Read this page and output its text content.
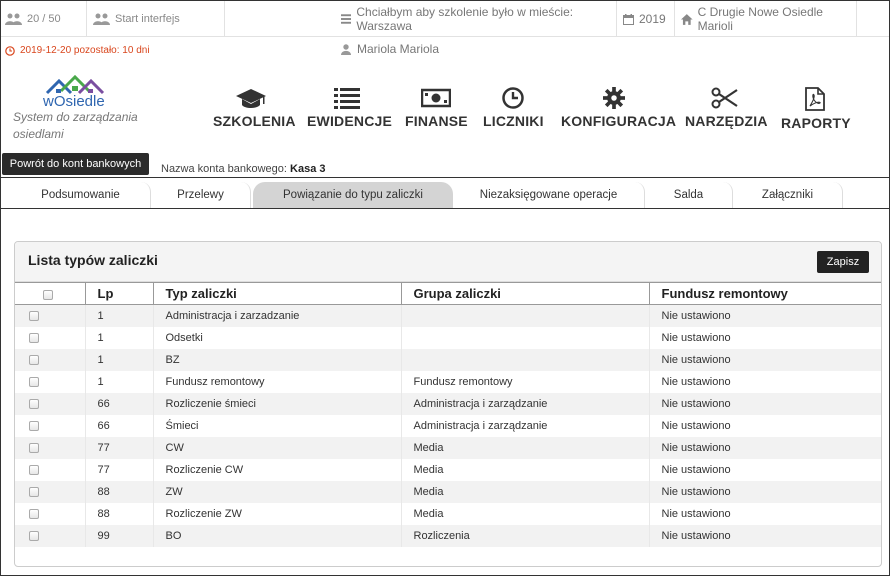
20 / 50	Start interfejs	Chciałbym aby szkolenie było w mieście: Warszawa	2019	C Drugie Nowe Osiedle Marioli
2019-12-20 pozostało: 10 dni	Mariola Mariola
wOsiedle
System do zarządzania osiedlami
SZKOLENIA EWIDENCJE FINANSE LICZNIKI KONFIGURACJA NARZĘDZIA RAPORTY
Powrót do kont bankowych	Nazwa konta bankowego: Kasa 3
Podsumowanie	Przelewy	Powiązanie do typu zaliczki	Niezaksięgowane operacje	Salda	Załączniki
Lista typów zaliczki	Zapisz
	Lp	Typ zaliczki	Grupa zaliczki	Fundusz remontowy
	1	Administracja i zarzadzanie		Nie ustawiono
	1	Odsetki		Nie ustawiono
	1	BZ		Nie ustawiono
	1	Fundusz remontowy	Fundusz remontowy	Nie ustawiono
	66	Rozliczenie śmieci	Administracja i zarządzanie	Nie ustawiono
	66	Śmieci	Administracja i zarządzanie	Nie ustawiono
	77	CW	Media	Nie ustawiono
	77	Rozliczenie CW	Media	Nie ustawiono
	88	ZW	Media	Nie ustawiono
	88	Rozliczenie ZW	Media	Nie ustawiono
	99	BO	Rozliczenia	Nie ustawiono
